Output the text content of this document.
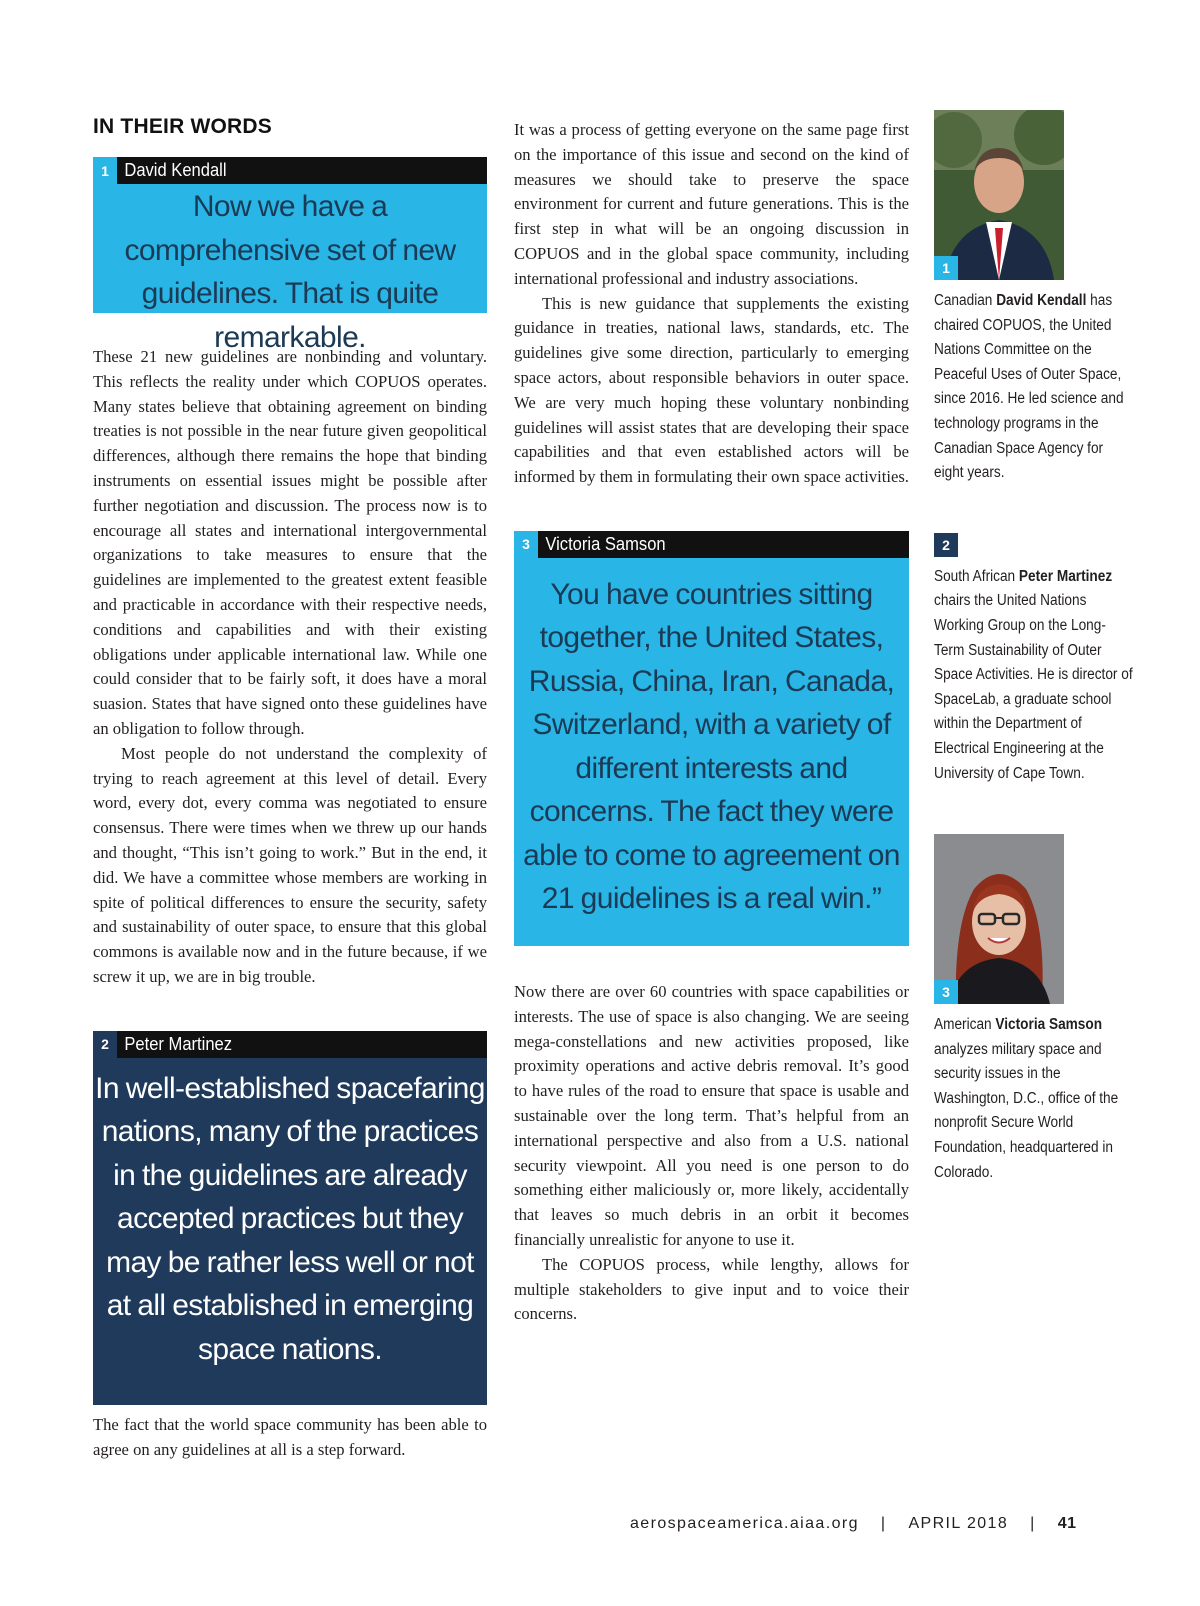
IN THEIR WORDS
1 David Kendall
Now we have a comprehensive set of new guidelines. That is quite remarkable.

These 21 new guidelines are nonbinding and voluntary. This reflects the reality under which COPUOS operates. Many states believe that obtaining agreement on binding treaties is not possible in the near future given geopolitical differences, although there remains the hope that binding instruments on essential issues might be possible after further negotiation and discussion. The process now is to encourage all states and international intergovernmental organizations to take measures to ensure that the guidelines are implemented to the greatest extent feasible and practicable in accordance with their respective needs, conditions and capabilities and with their existing obligations under applicable international law. While one could consider that to be fairly soft, it does have a moral suasion. States that have signed onto these guidelines have an obligation to follow through.

Most people do not understand the complexity of trying to reach agreement at this level of detail. Every word, every dot, every comma was negotiated to ensure consensus. There were times when we threw up our hands and thought, “This isn’t going to work.” But in the end, it did. We have a committee whose members are working in spite of political differences to ensure the security, safety and sustainability of outer space, to ensure that this global commons is available now and in the future because, if we screw it up, we are in big trouble.

2 Peter Martinez
In well-established spacefaring nations, many of the practices in the guidelines are already accepted practices but they may be rather less well or not at all established in emerging space nations.

The fact that the world space community has been able to agree on any guidelines at all is a step forward.

It was a process of getting everyone on the same page first on the importance of this issue and second on the kind of measures we should take to preserve the space environment for current and future generations. This is the first step in what will be an ongoing discussion in COPUOS and in the global space community, including international professional and industry associations.

This is new guidance that supplements the existing guidance in treaties, national laws, standards, etc. The guidelines give some direction, particularly to emerging space actors, about responsible behaviors in outer space. We are very much hoping these voluntary nonbinding guidelines will assist states that are developing their space capabilities and that even established actors will be informed by them in formulating their own space activities.

3 Victoria Samson
You have countries sitting together, the United States, Russia, China, Iran, Canada, Switzerland, with a variety of different interests and concerns. The fact they were able to come to agreement on 21 guidelines is a real win.”

Now there are over 60 countries with space capabilities or interests. The use of space is also changing. We are seeing mega-constellations and new activities proposed, like proximity operations and active debris removal. It’s good to have rules of the road to ensure that space is usable and sustainable over the long term. That’s helpful from an international perspective and also from a U.S. national security viewpoint. All you need is one person to do something either maliciously or, more likely, accidentally that leaves so much debris in an orbit it becomes financially unrealistic for anyone to use it.

The COPUOS process, while lengthy, allows for multiple stakeholders to give input and to voice their concerns.

1

Canadian David Kendall has chaired COPUOS, the United Nations Committee on the Peaceful Uses of Outer Space, since 2016. He led science and technology programs in the Canadian Space Agency for eight years.

2

South African Peter Martinez chairs the United Nations Working Group on the Long-Term Sustainability of Outer Space Activities. He is director of SpaceLab, a graduate school within the Department of Electrical Engineering at the University of Cape Town.

3

American Victoria Samson analyzes military space and security issues in the Washington, D.C., office of the nonprofit Secure World Foundation, headquartered in Colorado.

aerospaceamerica.aiaa.org | APRIL 2018 | 41
